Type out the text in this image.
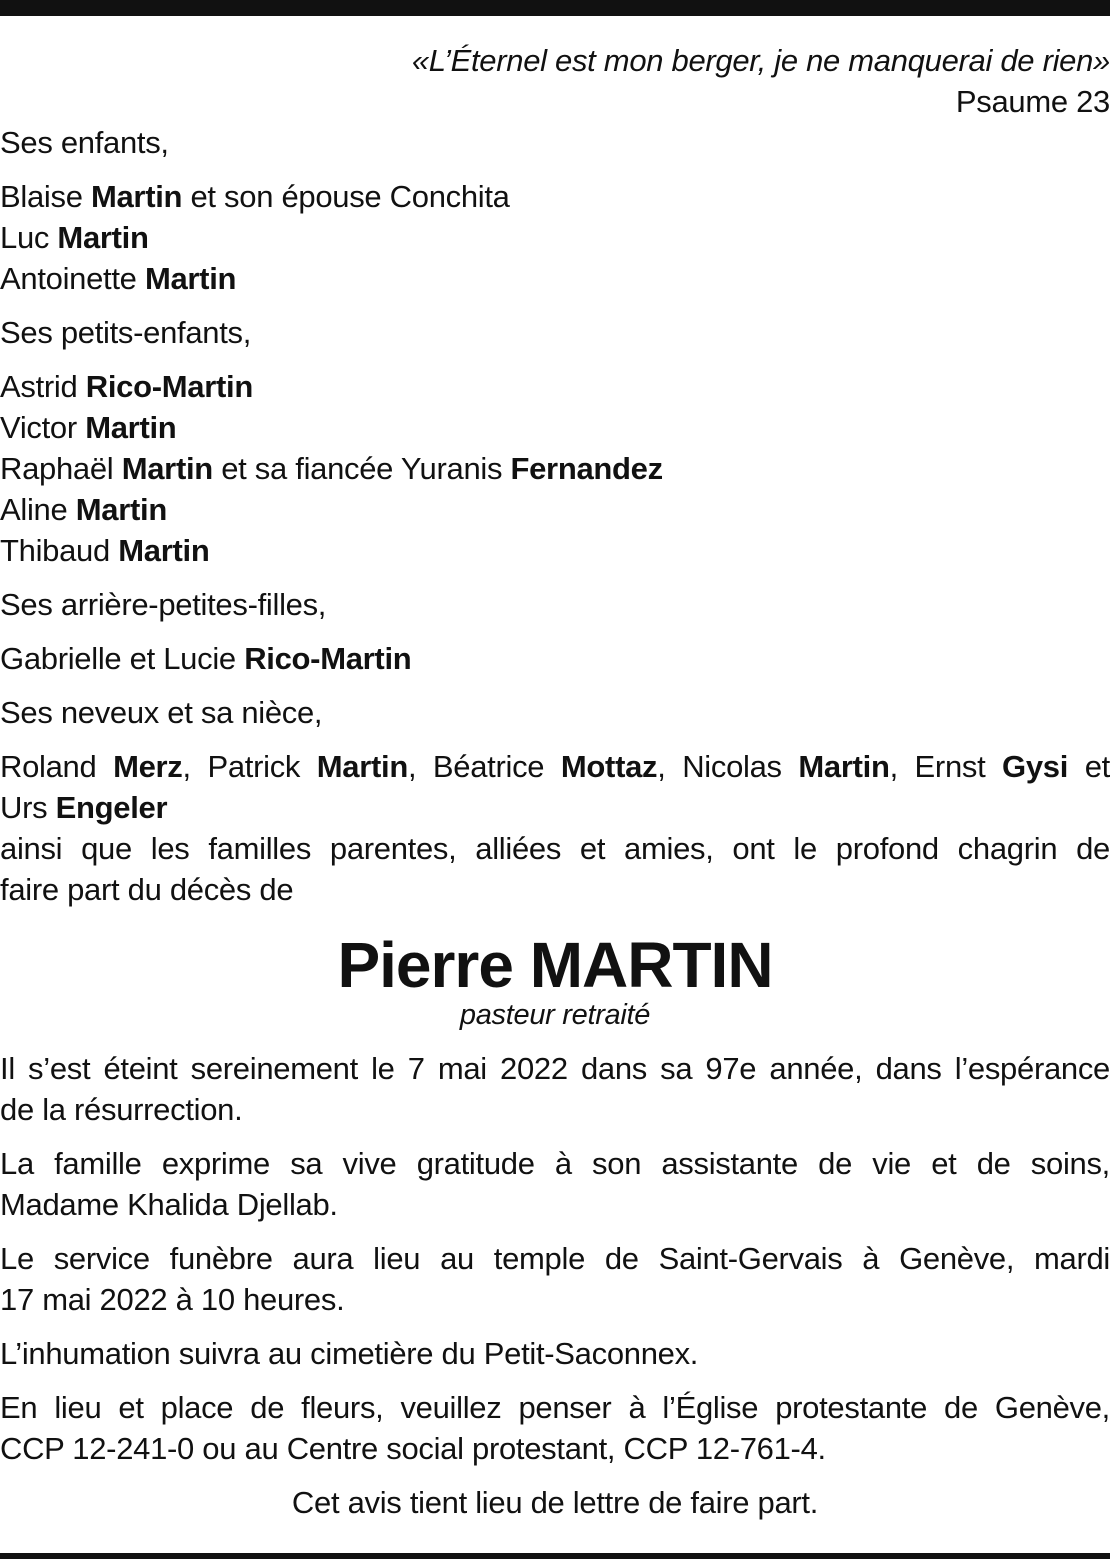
«L’Éternel est mon berger, je ne manquerai de rien»
Psaume 23
Ses enfants,
Blaise Martin et son épouse Conchita
Luc Martin
Antoinette Martin
Ses petits-enfants,
Astrid Rico-Martin
Victor Martin
Raphaël Martin et sa fiancée Yuranis Fernandez
Aline Martin
Thibaud Martin
Ses arrière-petites-filles,
Gabrielle et Lucie Rico-Martin
Ses neveux et sa nièce,
Roland Merz, Patrick Martin, Béatrice Mottaz, Nicolas Martin, Ernst Gysi et
Urs Engeler
ainsi que les familles parentes, alliées et amies, ont le profond chagrin de
faire part du décès de
Pierre MARTIN
pasteur retraité
Il s’est éteint sereinement le 7 mai 2022 dans sa 97e année, dans l’espérance
de la résurrection.
La famille exprime sa vive gratitude à son assistante de vie et de soins,
Madame Khalida Djellab.
Le service funèbre aura lieu au temple de Saint-Gervais à Genève, mardi
17 mai 2022 à 10 heures.
L’inhumation suivra au cimetière du Petit-Saconnex.
En lieu et place de fleurs, veuillez penser à l’Église protestante de Genève,
CCP 12-241-0 ou au Centre social protestant, CCP 12-761-4.
Cet avis tient lieu de lettre de faire part.
